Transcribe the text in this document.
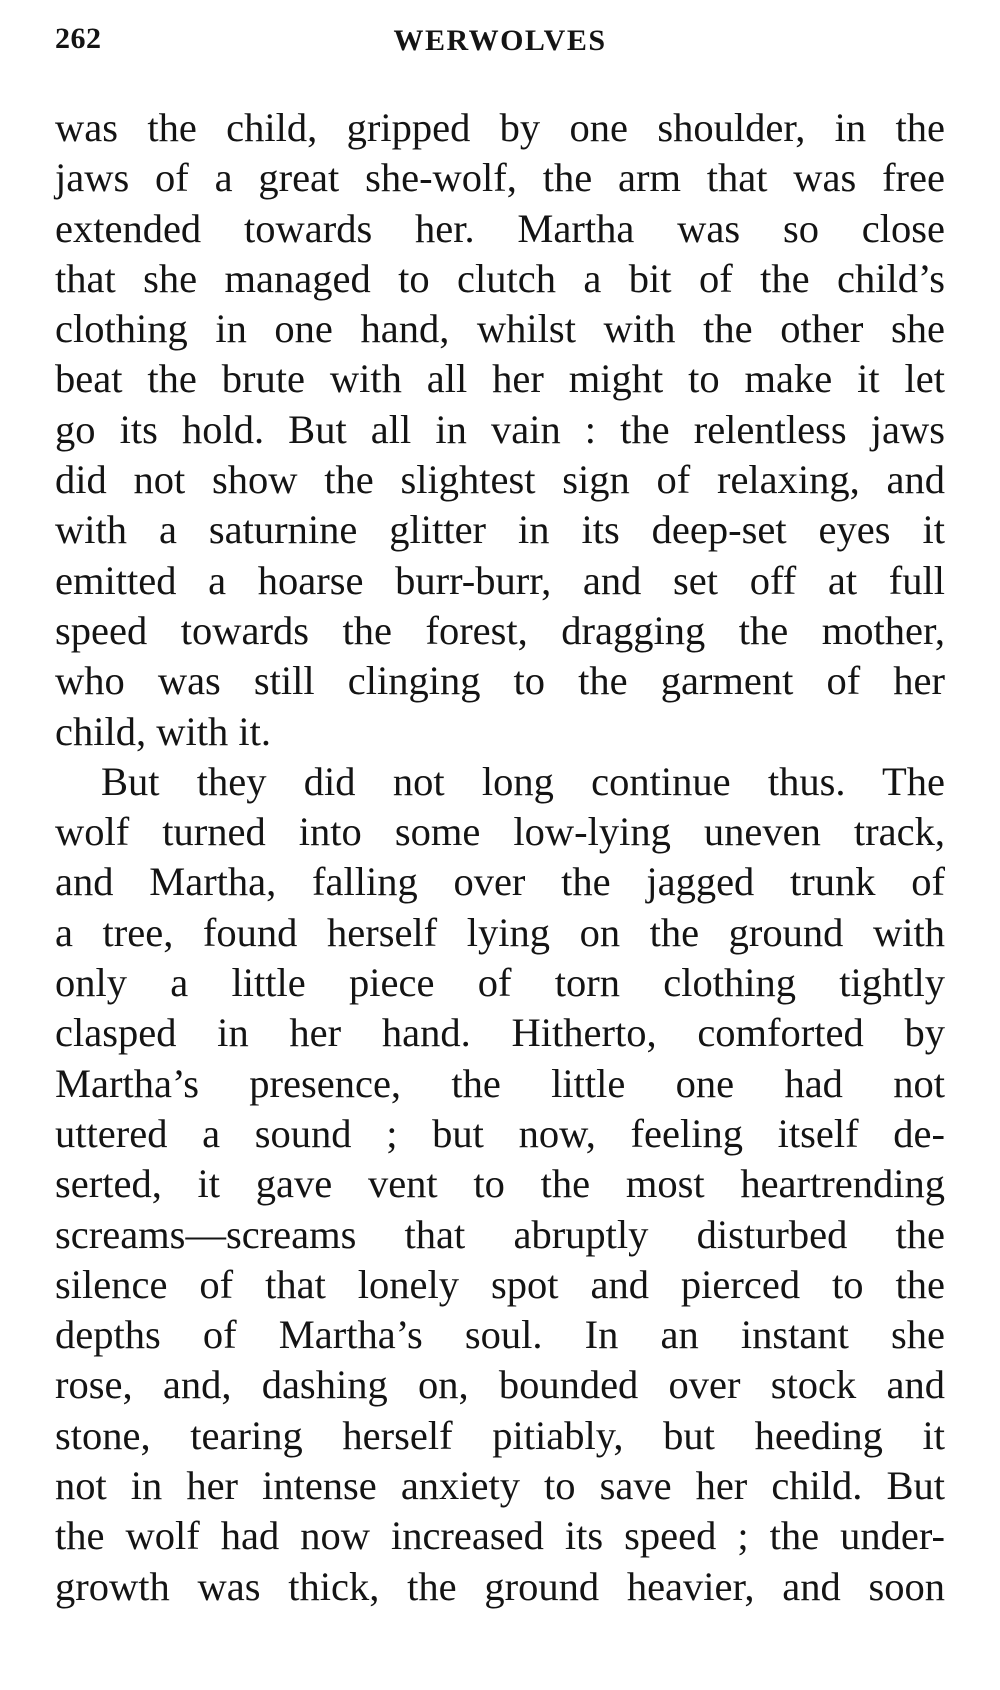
262	WERWOLVES
was the child, gripped by one shoulder, in the
jaws of a great she-wolf, the arm that was free
extended towards her. Martha was so close
that she managed to clutch a bit of the child’s
clothing in one hand, whilst with the other she
beat the brute with all her might to make it let
go its hold. But all in vain : the relentless jaws
did not show the slightest sign of relaxing, and
with a saturnine glitter in its deep-set eyes it
emitted a hoarse burr-burr, and set off at full
speed towards the forest, dragging the mother,
who was still clinging to the garment of her
child, with it.
But they did not long continue thus. The
wolf turned into some low-lying uneven track,
and Martha, falling over the jagged trunk of
a tree, found herself lying on the ground with
only a little piece of torn clothing tightly
clasped in her hand. Hitherto, comforted by
Martha’s presence, the little one had not
uttered a sound ; but now, feeling itself de-
serted, it gave vent to the most heartrending
screams—screams that abruptly disturbed the
silence of that lonely spot and pierced to the
depths of Martha’s soul. In an instant she
rose, and, dashing on, bounded over stock and
stone, tearing herself pitiably, but heeding it
not in her intense anxiety to save her child. But
the wolf had now increased its speed ; the under-
growth was thick, the ground heavier, and soon
